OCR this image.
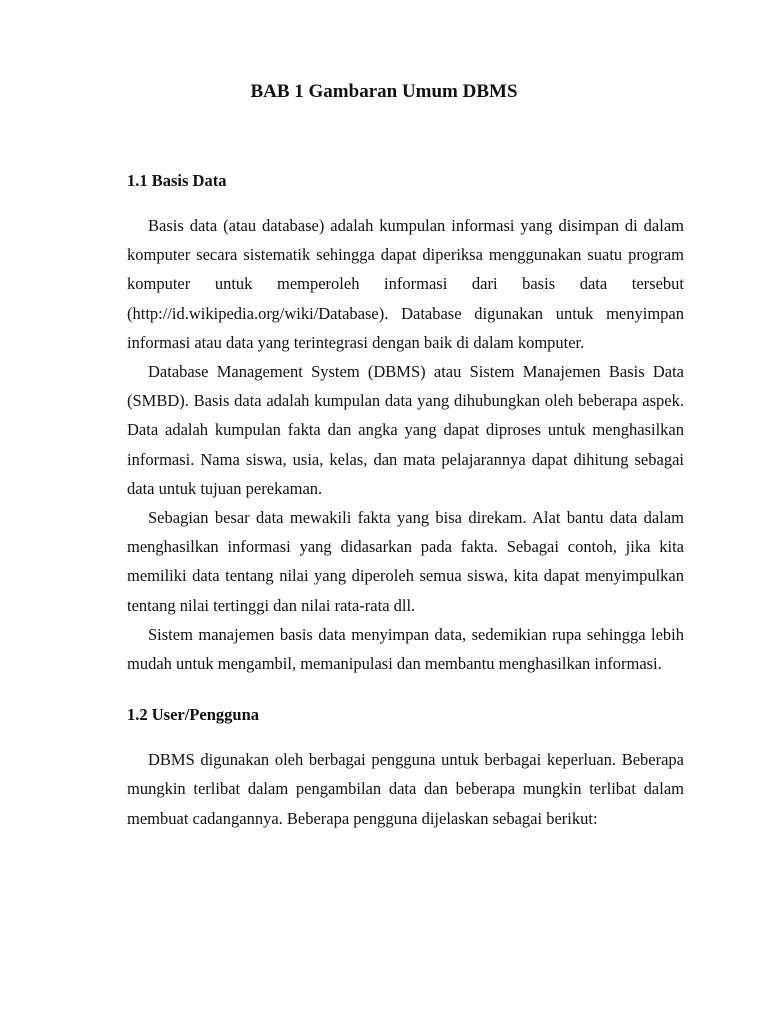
BAB 1 Gambaran Umum DBMS
1.1 Basis Data

Basis data (atau database) adalah kumpulan informasi yang disimpan di dalam komputer secara sistematik sehingga dapat diperiksa menggunakan suatu program komputer untuk memperoleh informasi dari basis data tersebut (http://id.wikipedia.org/wiki/Database). Database digunakan untuk menyimpan informasi atau data yang terintegrasi dengan baik di dalam komputer.

Database Management System (DBMS) atau Sistem Manajemen Basis Data (SMBD). Basis data adalah kumpulan data yang dihubungkan oleh beberapa aspek. Data adalah kumpulan fakta dan angka yang dapat diproses untuk menghasilkan informasi. Nama siswa, usia, kelas, dan mata pelajarannya dapat dihitung sebagai data untuk tujuan perekaman.

Sebagian besar data mewakili fakta yang bisa direkam. Alat bantu data dalam menghasilkan informasi yang didasarkan pada fakta. Sebagai contoh, jika kita memiliki data tentang nilai yang diperoleh semua siswa, kita dapat menyimpulkan tentang nilai tertinggi dan nilai rata-rata dll.

Sistem manajemen basis data menyimpan data, sedemikian rupa sehingga lebih mudah untuk mengambil, memanipulasi dan membantu menghasilkan informasi.

1.2 User/Pengguna

DBMS digunakan oleh berbagai pengguna untuk berbagai keperluan. Beberapa mungkin terlibat dalam pengambilan data dan beberapa mungkin terlibat dalam membuat cadangannya. Beberapa pengguna dijelaskan sebagai berikut:
